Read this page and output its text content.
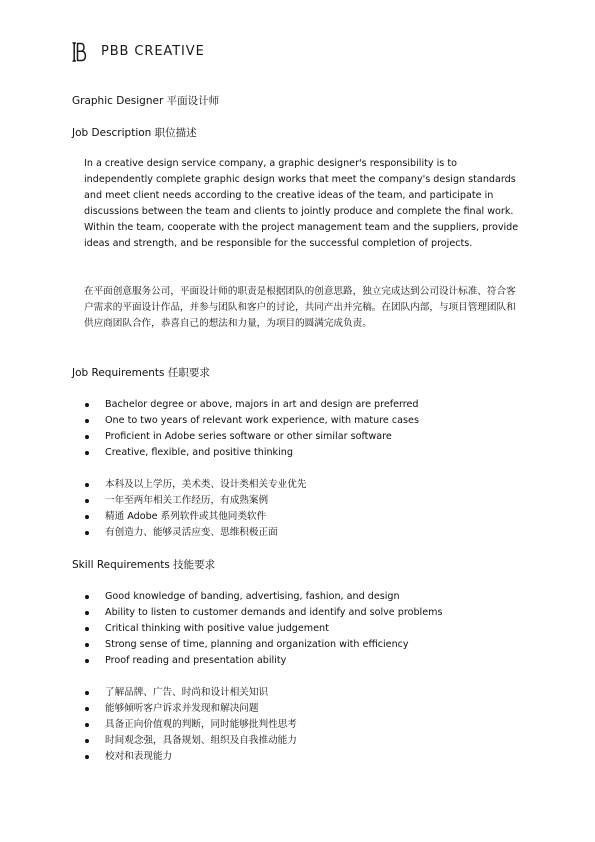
PBB CREATIVE
Graphic Designer 平面设计师
Job Description 职位描述

In a creative design service company, a graphic designer's responsibility is to independently complete graphic design works that meet the company's design standards and meet client needs according to the creative ideas of the team, and participate in discussions between the team and clients to jointly produce and complete the final work. Within the team, cooperate with the project management team and the suppliers, provide ideas and strength, and be responsible for the successful completion of projects.

在平面创意服务公司，平面设计师的职责是根据团队的创意思路，独立完成达到公司设计标准、符合客户需求的平面设计作品，并参与团队和客户的讨论，共同产出并完稿。在团队内部，与项目管理团队和供应商团队合作，恭喜自己的想法和力量，为项目的圆满完成负责。

Job Requirements 任职要求
Bachelor degree or above, majors in art and design are preferred
One to two years of relevant work experience, with mature cases
Proficient in Adobe series software or other similar software
Creative, flexible, and positive thinking
本科及以上学历，美术类、设计类相关专业优先
一年至两年相关工作经历，有成熟案例
精通 Adobe 系列软件或其他同类软件
有创造力、能够灵活应变、思维积极正面
Skill Requirements 技能要求
Good knowledge of banding, advertising, fashion, and design
Ability to listen to customer demands and identify and solve problems
Critical thinking with positive value judgement
Strong sense of time, planning and organization with efficiency
Proof reading and presentation ability
了解品牌、广告、时尚和设计相关知识
能够倾听客户诉求并发现和解决问题
具备正向价值观的判断，同时能够批判性思考
时间观念强，具备规划、组织及自我推动能力
校对和表现能力
